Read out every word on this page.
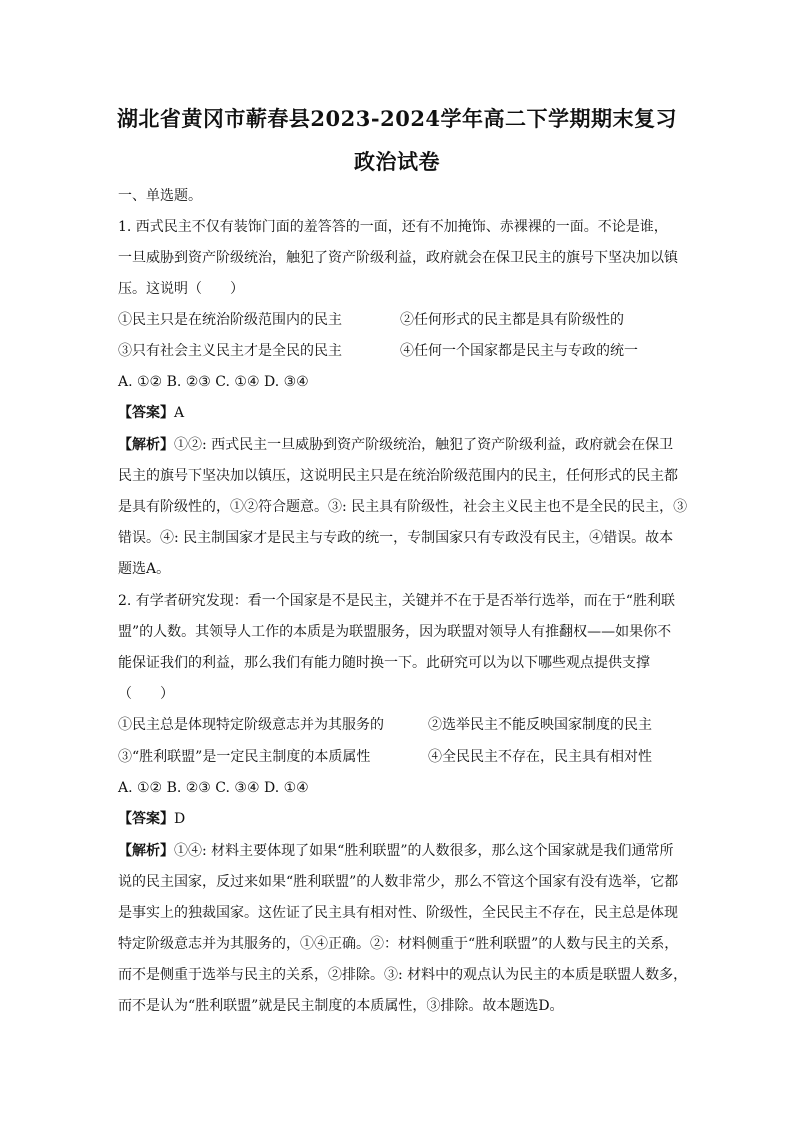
湖北省黄冈市蕲春县2023-2024学年高二下学期期末复习
政治试卷
一、单选题。
1. 西式民主不仅有装饰门面的羞答答的一面，还有不加掩饰、赤裸裸的一面。不论是谁，
一旦威胁到资产阶级统治，触犯了资产阶级利益，政府就会在保卫民主的旗号下坚决加以镇
压。这说明（　　）
①民主只是在统治阶级范围内的民主	②任何形式的民主都是具有阶级性的
③只有社会主义民主才是全民的民主	④任何一个国家都是民主与专政的统一
A. ①② B. ②③ C. ①④ D. ③④
【答案】A
【解析】①②: 西式民主一旦威胁到资产阶级统治，触犯了资产阶级利益，政府就会在保卫
民主的旗号下坚决加以镇压，这说明民主只是在统治阶级范围内的民主，任何形式的民主都
是具有阶级性的，①②符合题意。③: 民主具有阶级性，社会主义民主也不是全民的民主，③
错误。④: 民主制国家才是民主与专政的统一，专制国家只有专政没有民主，④错误。故本
题选A。
2. 有学者研究发现：看一个国家是不是民主，关键并不在于是否举行选举，而在于“胜利联
盟”的人数。其领导人工作的本质是为联盟服务，因为联盟对领导人有推翻权——如果你不
能保证我们的利益，那么我们有能力随时换一下。此研究可以为以下哪些观点提供支撑
（　　）
①民主总是体现特定阶级意志并为其服务的	②选举民主不能反映国家制度的民主
③“胜利联盟”是一定民主制度的本质属性	④全民民主不存在，民主具有相对性
A. ①② B. ②③ C. ③④ D. ①④
【答案】D
【解析】①④: 材料主要体现了如果“胜利联盟”的人数很多，那么这个国家就是我们通常所
说的民主国家，反过来如果“胜利联盟”的人数非常少，那么不管这个国家有没有选举，它都
是事实上的独裁国家。这佐证了民主具有相对性、阶级性，全民民主不存在，民主总是体现
特定阶级意志并为其服务的，①④正确。②：材料侧重于“胜利联盟”的人数与民主的关系，
而不是侧重于选举与民主的关系，②排除。③: 材料中的观点认为民主的本质是联盟人数多，
而不是认为“胜利联盟”就是民主制度的本质属性，③排除。故本题选D。
